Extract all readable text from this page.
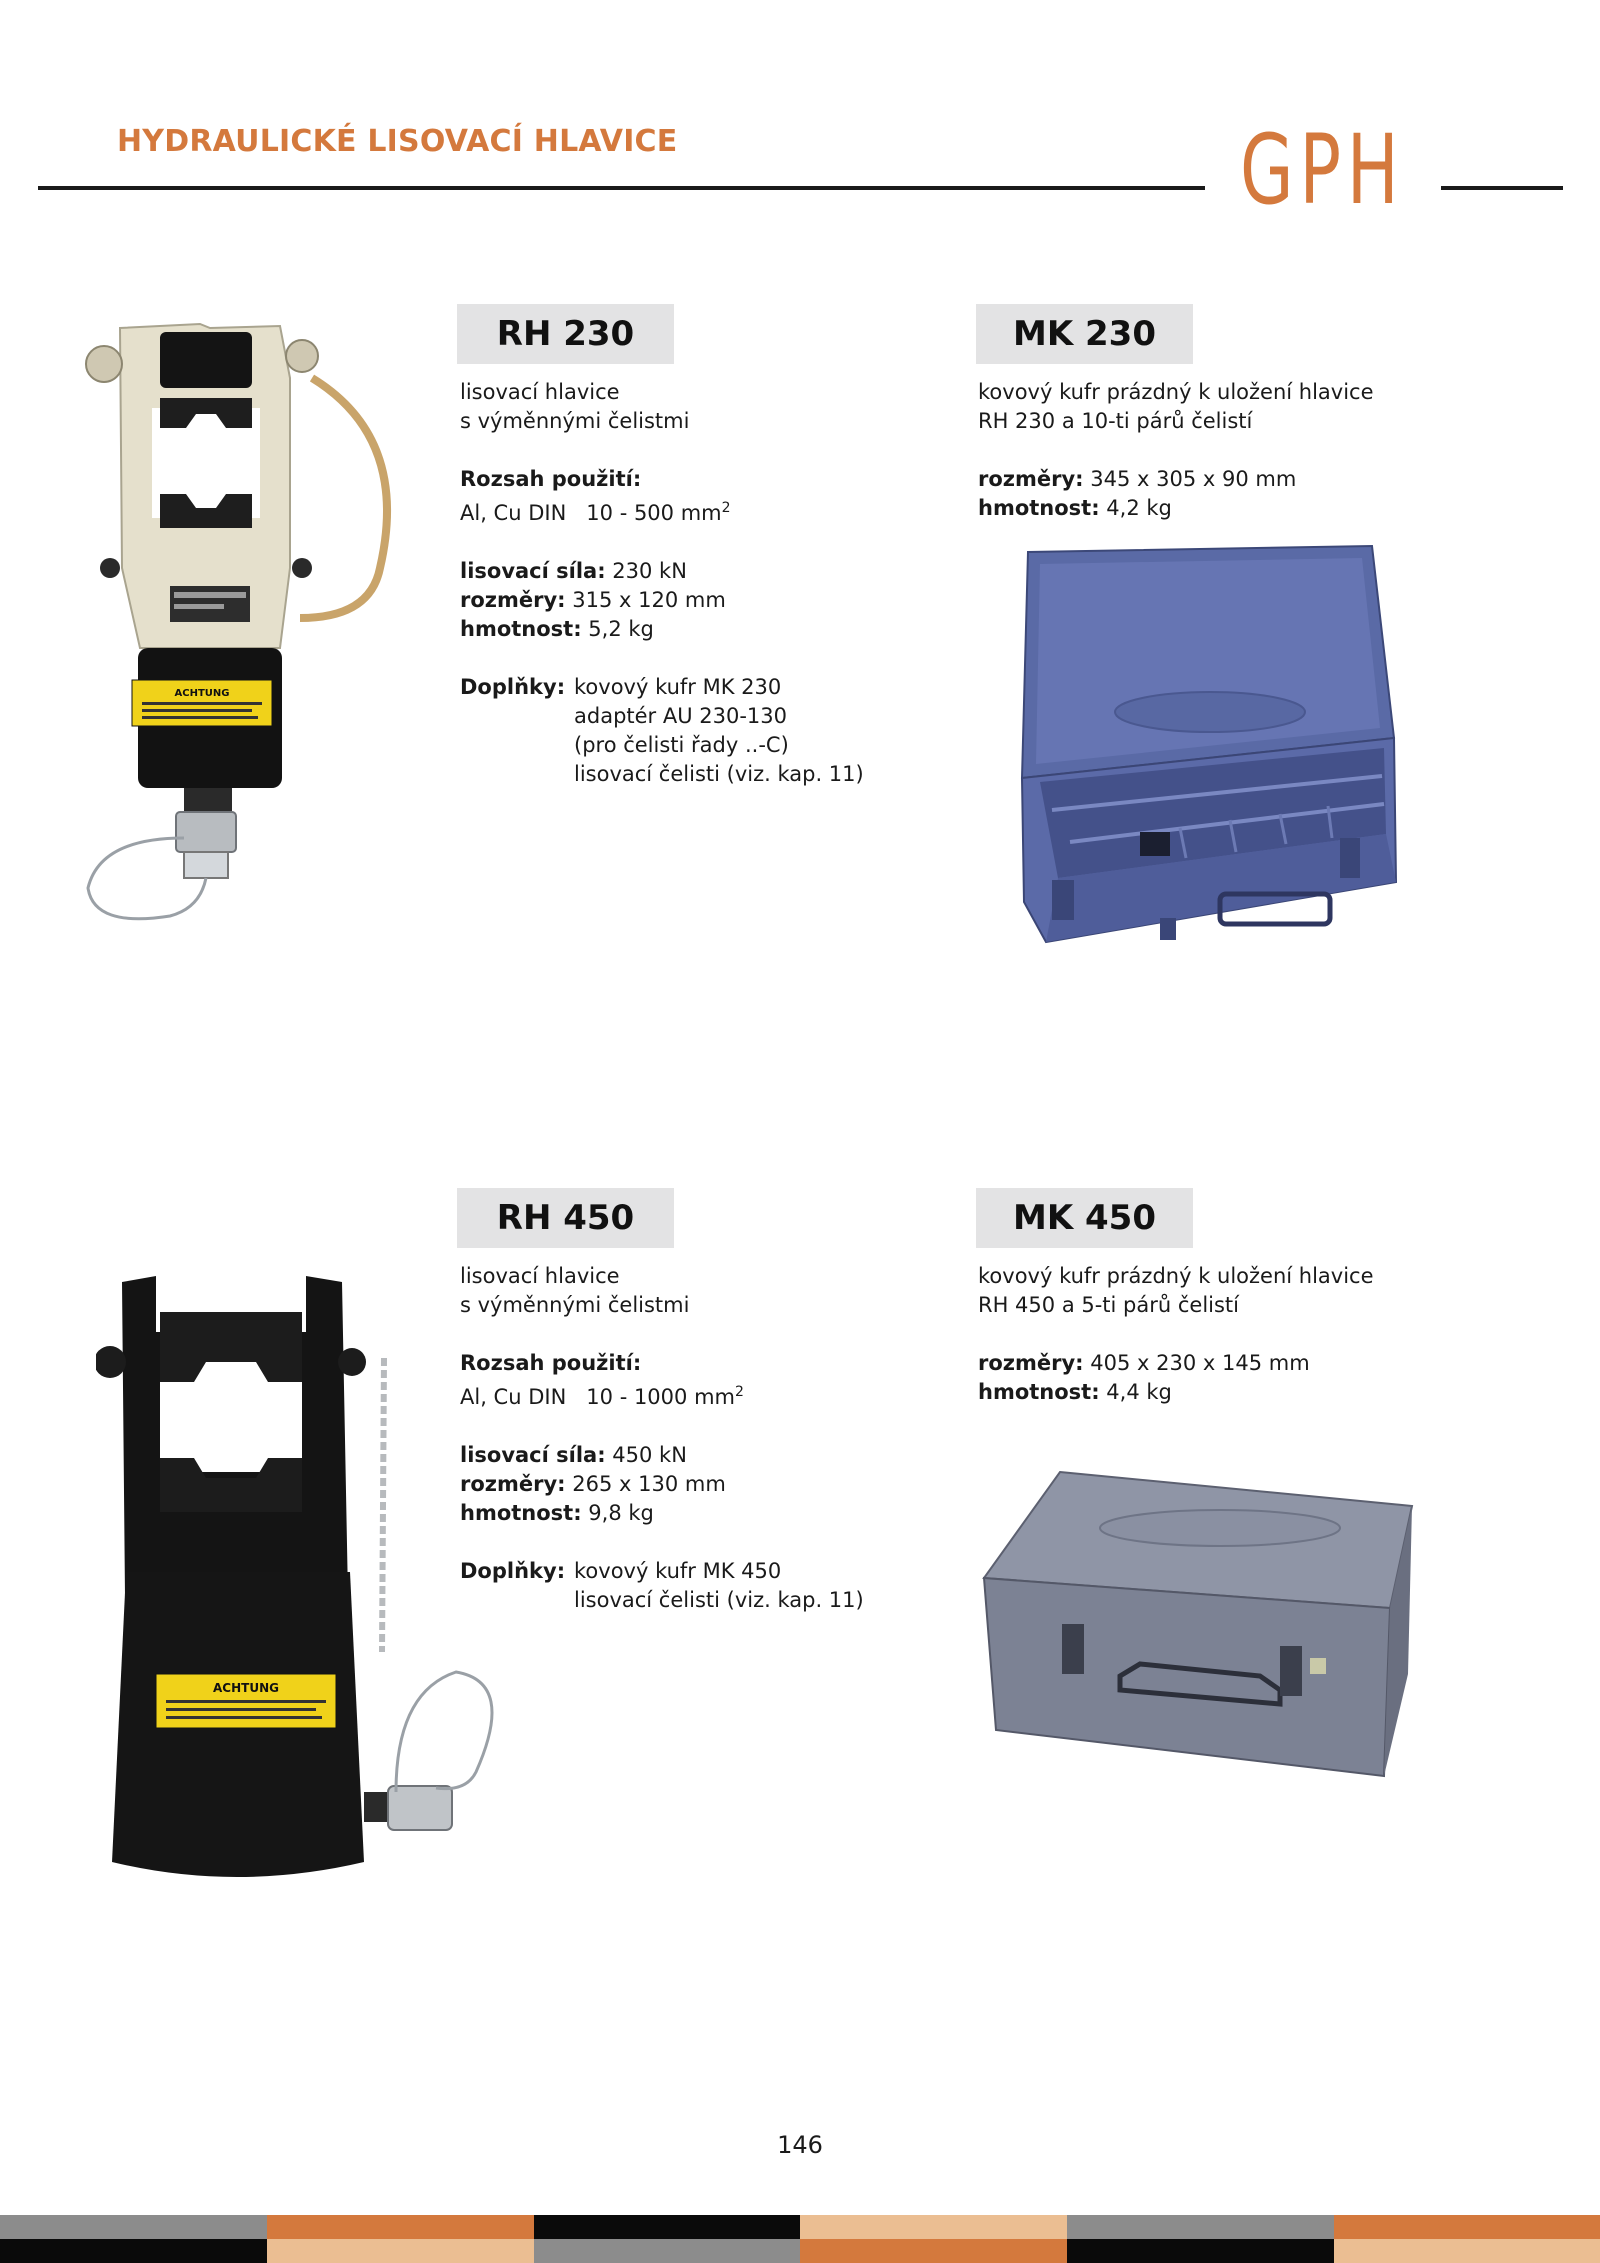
HYDRAULICKÉ LISOVACÍ HLAVICE	GPH
ACHTUNG
RH 230
lisovací hlavice
s výměnnými čelistmi
Rozsah použití:
Al, Cu DIN   10 - 500 $mm^2$
lisovací síla: 230 kN
rozměry: 315 x 120 mm
hmotnost: 5,2 kg
Doplňky: kovový kufr MK 230
adaptér AU 230-130
(pro čelisti řady ..-C)
lisovací čelisti (viz. kap. 11)
MK 230
kovový kufr prázdný k uložení hlavice
RH 230 a 10-ti párů čelistí
rozměry: 345 x 305 x 90 mm
hmotnost: 4,2 kg
ACHTUNG
RH 450
lisovací hlavice
s výměnnými čelistmi
Rozsah použití:
Al, Cu DIN   10 - 1000 $mm^2$
lisovací síla: 450 kN
rozměry: 265 x 130 mm
hmotnost: 9,8 kg
Doplňky: kovový kufr MK 450
lisovací čelisti (viz. kap. 11)
MK 450
kovový kufr prázdný k uložení hlavice
RH 450 a 5-ti párů čelistí
rozměry: 405 x 230 x 145 mm
hmotnost: 4,4 kg
146
